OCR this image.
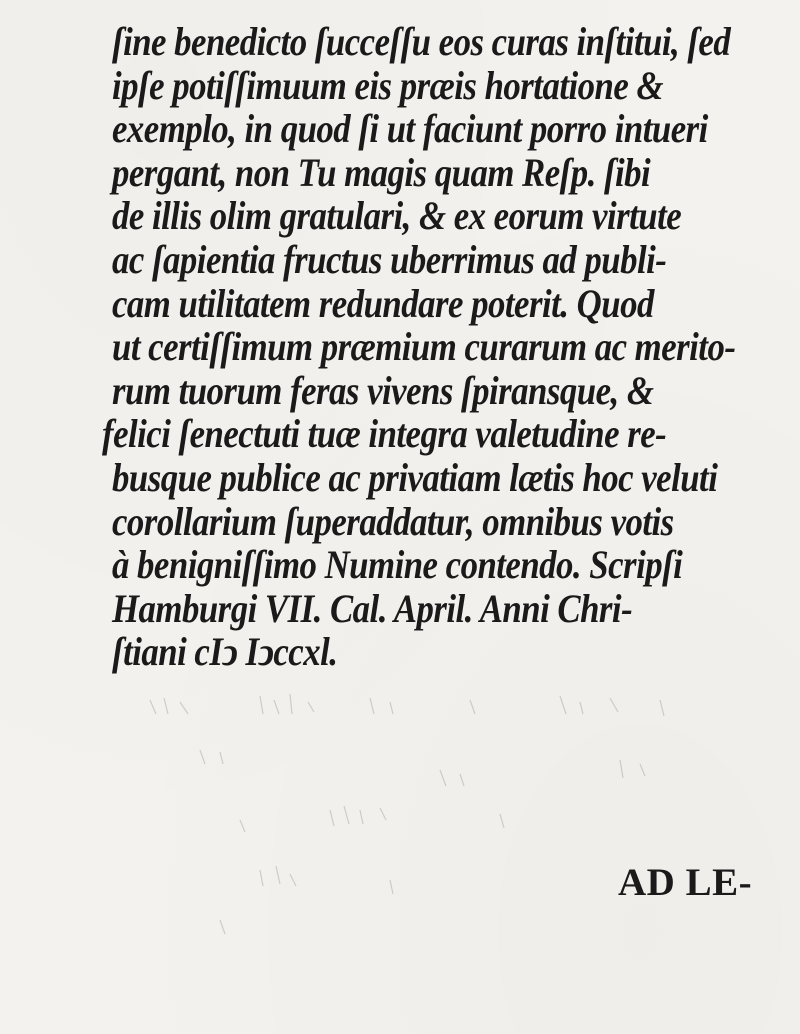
ſine benedicto ſucceſſu eos curas inſtitui, ſed
ipſe potiſſimuum eis præis hortatione &
exemplo, in quod ſi ut faciunt porro intueri
pergant, non Tu magis quam Reſp. ſibi
de illis olim gratulari, & ex eorum virtute
ac ſapientia fructus uberrimus ad publi-
cam utilitatem redundare poterit. Quod
ut certiſſimum præmium curarum ac merito-
rum tuorum feras vivens ſpiransque, &
felici ſenectuti tuæ integra valetudine re-
busque publice ac privatiam lætis hoc veluti
corollarium ſuperaddatur, omnibus votis
à benigniſſimo Numine contendo. Scripſi
Hamburgi VII. Cal. April. Anni Chri-
ſtiani cIↄ Iↄccxl.
AD LE-
